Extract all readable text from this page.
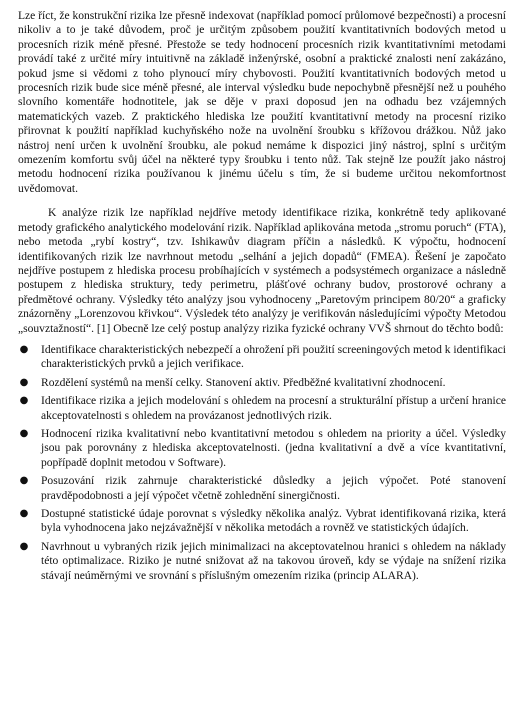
Lze říct, že konstrukční rizika lze přesně indexovat (například pomocí průlomové bezpečnosti) a procesní nikoliv a to je také důvodem, proč je určitým způsobem použití kvantitativních bodových metod u procesních rizik méně přesné. Přestože se tedy hodnocení procesních rizik kvantitativními metodami provádí také z určité míry intuitivně na základě inženýrské, osobní a praktické znalosti není zakázáno, pokud jsme si vědomi z toho plynoucí míry chybovosti. Použití kvantitativních bodových metod u procesních rizik bude sice méně přesné, ale interval výsledku bude nepochybně přesnější než u pouhého slovního komentáře hodnotitele, jak se děje v praxi doposud jen na odhadu bez vzájemných matematických vazeb. Z praktického hlediska lze použití kvantitativní metody na procesní riziko přirovnat k použití například kuchyňského nože na uvolnění šroubku s křížovou drážkou. Nůž jako nástroj není určen k uvolnění šroubku, ale pokud nemáme k dispozici jiný nástroj, splní s určitým omezením komfortu svůj účel na některé typy šroubku i tento nůž. Tak stejně lze použít jako nástroj metodu hodnocení rizika používanou k jinému účelu s tím, že si budeme určitou nekomfortnost uvědomovat.

K analýze rizik lze například nejdříve metody identifikace rizika, konkrétně tedy aplikované metody grafického analytického modelování rizik. Například aplikována metoda „stromu poruch“ (FTA), nebo metoda „rybí kostry“, tzv. Ishikawův diagram příčin a následků. K výpočtu, hodnocení identifikovaných rizik lze navrhnout metodu „selhání a jejich dopadů“ (FMEA). Řešení je započato nejdříve postupem z hlediska procesu probíhajících v systémech a podsystémech organizace a následně postupem z hlediska struktury, tedy perimetru, plášťové ochrany budov, prostorové ochrany a předmětové ochrany. Výsledky této analýzy jsou vyhodnoceny „Paretovým principem 80/20“ a graficky znázorněny „Lorenzovou křivkou“. Výsledek této analýzy je verifikován následujícími výpočty Metodou „souvztažností“. [1] Obecně lze celý postup analýzy rizika fyzické ochrany VVŠ shrnout do těchto bodů:

● Identifikace charakteristických nebezpečí a ohrožení při použití screeningových metod k identifikaci charakteristických prvků a jejich verifikace.
● Rozdělení systémů na menší celky. Stanovení aktiv. Předběžné kvalitativní zhodnocení.
● Identifikace rizika a jejich modelování s ohledem na procesní a strukturální přístup a určení hranice akceptovatelnosti s ohledem na provázanost jednotlivých rizik.
● Hodnocení rizika kvalitativní nebo kvantitativní metodou s ohledem na priority a účel. Výsledky jsou pak porovnány z hlediska akceptovatelnosti. (jedna kvalitativní a dvě a více kvantitativní, popřípadě doplnit metodou v Software).
● Posuzování rizik zahrnuje charakteristické důsledky a jejich výpočet. Poté stanovení pravděpodobnosti a její výpočet včetně zohlednění sinergičnosti.
● Dostupné statistické údaje porovnat s výsledky několika analýz. Vybrat identifikovaná rizika, která byla vyhodnocena jako nejzávažnější v několika metodách a rovněž ve statistických údajích.
● Navrhnout u vybraných rizik jejich minimalizaci na akceptovatelnou hranici s ohledem na náklady této optimalizace. Riziko je nutné snižovat až na takovou úroveň, kdy se výdaje na snížení rizika stávají neúměrnými ve srovnání s příslušným omezením rizika (princip ALARA).
